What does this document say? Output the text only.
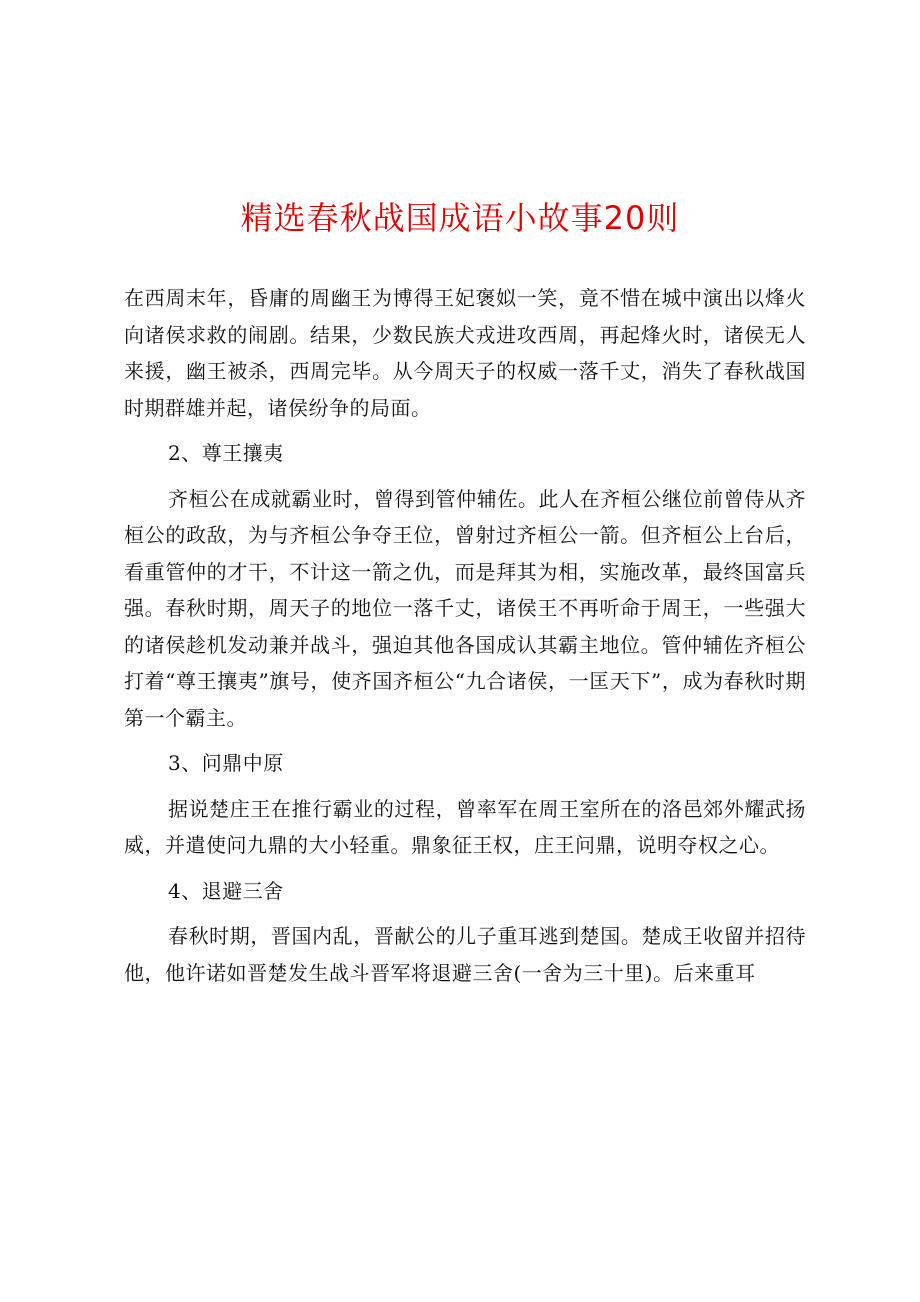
精选春秋战国成语小故事20则

在西周末年，昏庸的周幽王为博得王妃褒姒一笑，竟不惜在城中演出以烽火向诸侯求救的闹剧。结果，少数民族犬戎进攻西周，再起烽火时，诸侯无人来援，幽王被杀，西周完毕。从今周天子的权威一落千丈，消失了春秋战国时期群雄并起，诸侯纷争的局面。

2、尊王攘夷

齐桓公在成就霸业时，曾得到管仲辅佐。此人在齐桓公继位前曾侍从齐桓公的政敌，为与齐桓公争夺王位，曾射过齐桓公一箭。但齐桓公上台后，看重管仲的才干，不计这一箭之仇，而是拜其为相，实施改革，最终国富兵强。春秋时期，周天子的地位一落千丈，诸侯王不再听命于周王，一些强大的诸侯趁机发动兼并战斗，强迫其他各国成认其霸主地位。管仲辅佐齐桓公打着“尊王攘夷”旗号，使齐国齐桓公“九合诸侯，一匡天下”，成为春秋时期第一个霸主。

3、问鼎中原

据说楚庄王在推行霸业的过程，曾率军在周王室所在的洛邑郊外耀武扬威，并遣使问九鼎的大小轻重。鼎象征王权，庄王问鼎，说明夺权之心。

4、退避三舍

春秋时期，晋国内乱，晋献公的儿子重耳逃到楚国。楚成王收留并招待他，他许诺如晋楚发生战斗晋军将退避三舍(一舍为三十里)。后来重耳
